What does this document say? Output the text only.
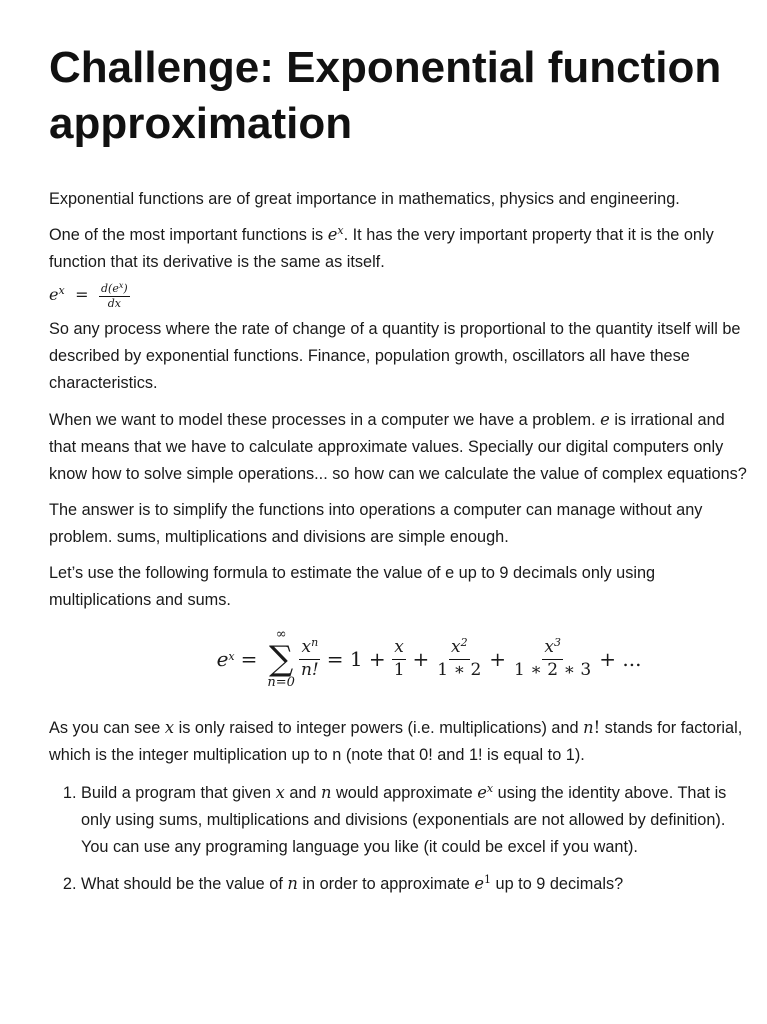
Challenge: Exponential function approximation

Exponential functions are of great importance in mathematics, physics and engineering.

One of the most important functions is $e^x$. It has the very important property that it is the only function that its derivative is the same as itself.

$e^x = \frac{d(e^x)}{dx}$

So any process where the rate of change of a quantity is proportional to the quantity itself will be described by exponential functions. Finance, population growth, oscillators all have these characteristics.

When we want to model these processes in a computer we have a problem. e is irrational and that means that we have to calculate approximate values. Specially our digital computers only know how to solve simple operations... so how can we calculate the value of complex equations?

The answer is to simplify the functions into operations a computer can manage without any problem. sums, multiplications and divisions are simple enough.

Let’s use the following formula to estimate the value of e up to 9 decimals only using multiplications and sums.

$e^x$ =
∞
∑
n=0
$\frac{x^n}{n!} = 1 + \frac{x}{1} + \frac{x^2}{1 ∗ 2} + \frac{x^3}{1 ∗ 2 ∗ 3}$ + ...

As you can see x is only raised to integer powers (i.e. multiplications) and n! stands for factorial, which is the integer multiplication up to n (note that 0! and 1! is equal to 1).

1. Build a program that given x and n would approximate $e^x$ using the identity above. That is only using sums, multiplications and divisions (exponentials are not allowed by definition). You can use any programing language you like (it could be excel if you want).
2. What should be the value of n in order to approximate $e^1$ up to 9 decimals?
